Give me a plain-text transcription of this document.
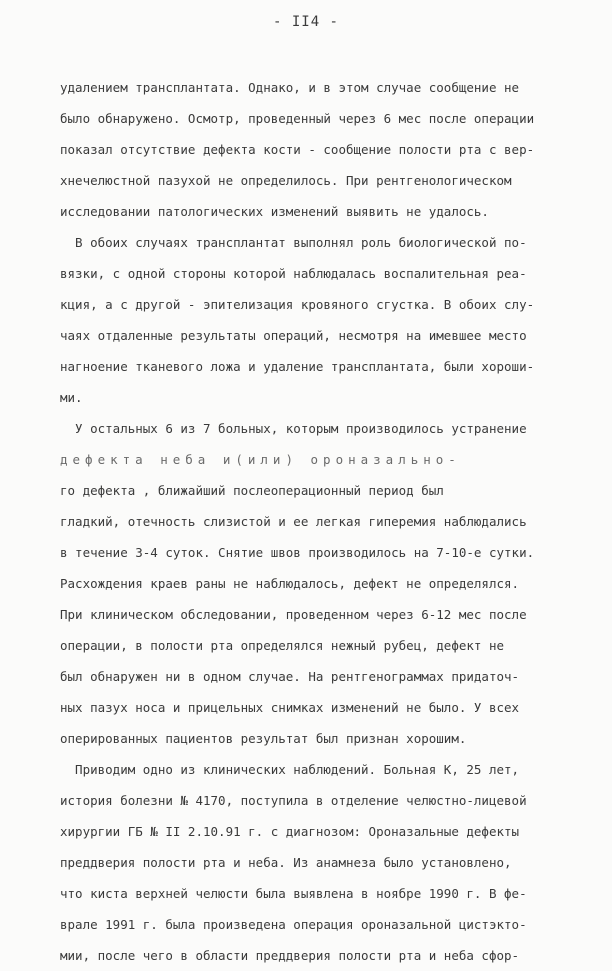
- II4 -
удалением трансплантата. Однако, и в этом случае сообщение не
было обнаружено. Осмотр, проведенный через 6 мес после операции
показал отсутствие дефекта кости - сообщение полости рта с вер-
хнечелюстной пазухой не определилось. При рентгенологическом
исследовании патологических изменений выявить не удалось.
В обоих случаях трансплантат выполнял роль биологической по-
вязки, с одной стороны которой наблюдалась воспалительная реа-
кция, а с другой - эпителизация кровяного сгустка. В обоих слу-
чаях отдаленные результаты операций, несмотря на имевшее место
нагноение тканевого ложа и удаление трансплантата, были хороши-
ми.
У остальных 6 из 7 больных, которым производилось устранение
дефекта неба и(или) ороназально-
го дефекта , ближайший послеоперационный период был
гладкий, отечность слизистой и ее легкая гиперемия наблюдались
в течение 3-4 суток. Снятие швов производилось на 7-10-е сутки.
Расхождения краев раны не наблюдалось, дефект не определялся.
При клиническом обследовании, проведенном через 6-12 мес после
операции, в полости рта определялся нежный рубец, дефект не
был обнаружен ни в одном случае. На рентгенограммах придаточ-
ных пазух носа и прицельных снимках изменений не было. У всех
оперированных пациентов результат был признан хорошим.
Приводим одно из клинических наблюдений. Больная К, 25 лет,
история болезни № 4170, поступила в отделение челюстно-лицевой
хирургии ГБ № II 2.10.91 г. с диагнозом: Ороназальные дефекты
преддверия полости рта и неба. Из анамнеза было установлено,
что киста верхней челюсти была выявлена в ноябре 1990 г. В фе-
врале 1991 г. была произведена операция ороназальной цистэкто-
мии, после чего в области преддверия полости рта и неба сфор-
